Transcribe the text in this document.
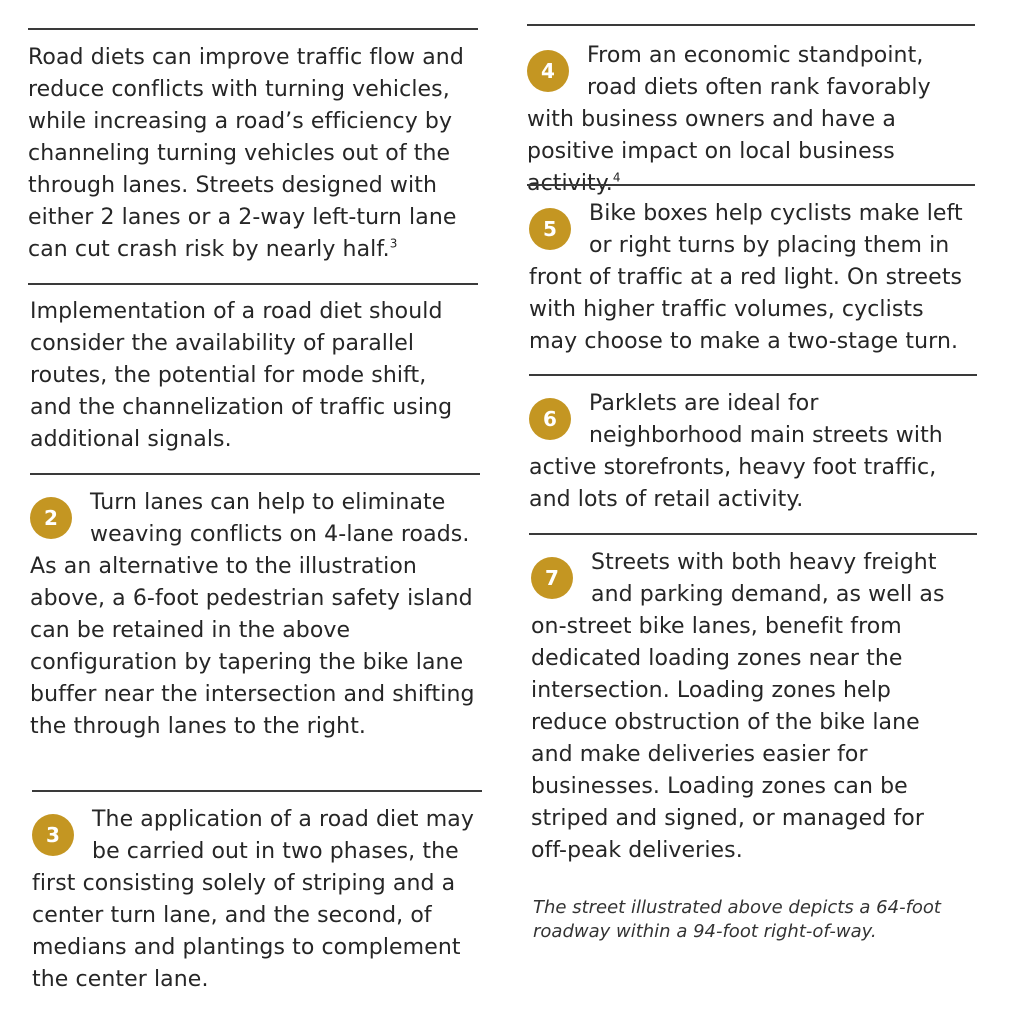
Road diets can improve traffic flow and reduce conflicts with turning vehicles, while increasing a road’s efficiency by channeling turning vehicles out of the through lanes. Streets designed with either 2 lanes or a 2-way left-turn lane can cut crash risk by nearly half.$^3$

Implementation of a road diet should consider the availability of parallel routes, the potential for mode shift, and the channelization of traffic using additional signals.

2
Turn lanes can help to eliminate weaving conflicts on 4-lane roads. As an alternative to the illustration above, a 6-foot pedestrian safety island can be retained in the above configuration by tapering the bike lane buffer near the intersection and shifting the through lanes to the right.
3
The application of a road diet may be carried out in two phases, the first consisting solely of striping and a center turn lane, and the second, of medians and plantings to complement the center lane.
4
From an economic standpoint, road diets often rank favorably with business owners and have a positive impact on local business activity.$^4$
5
Bike boxes help cyclists make left or right turns by placing them in front of traffic at a red light. On streets with higher traffic volumes, cyclists may choose to make a two-stage turn.
6
Parklets are ideal for neighborhood main streets with active storefronts, heavy foot traffic, and lots of retail activity.
7
Streets with both heavy freight and parking demand, as well as on-street bike lanes, benefit from dedicated loading zones near the intersection. Loading zones help reduce obstruction of the bike lane and make deliveries easier for businesses. Loading zones can be striped and signed, or managed for off-peak deliveries.

The street illustrated above depicts a 64-foot roadway within a 94-foot right-of-way.
